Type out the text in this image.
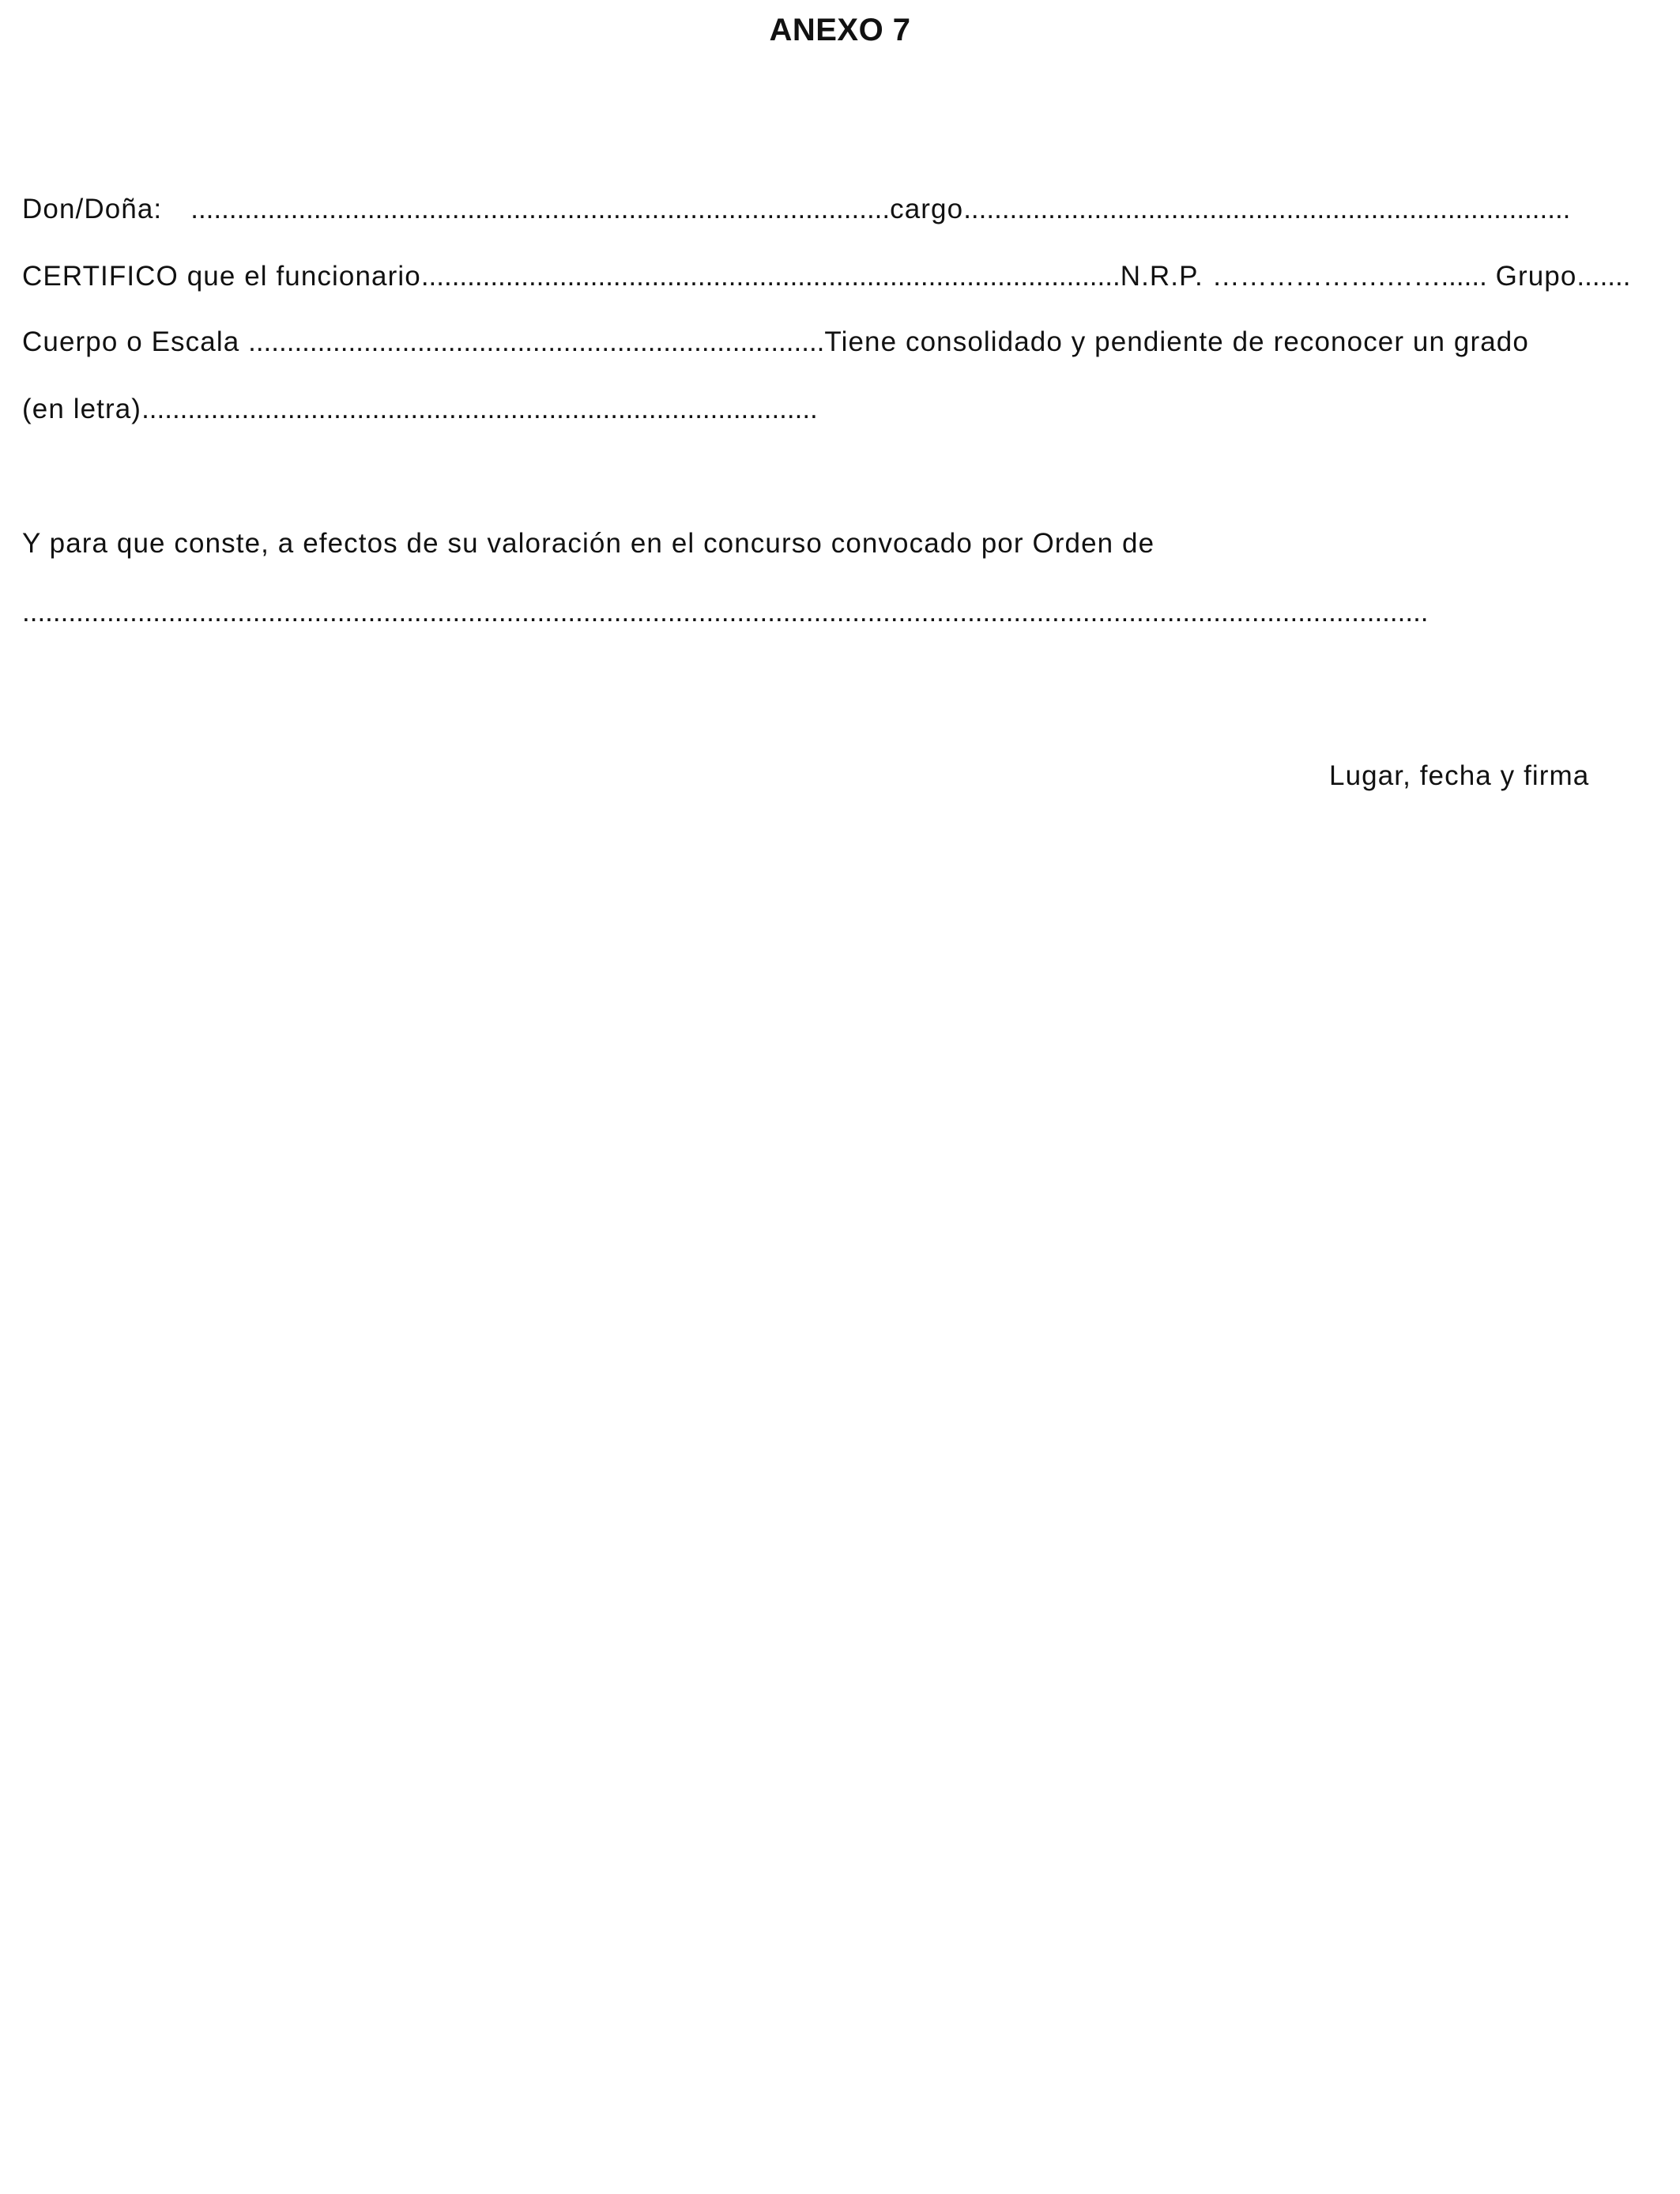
ANEXO 7
Don/Doña: ...........................................................................................cargo...............................................................................
CERTIFICO que el funcionario...........................................................................................N.R.P. ……………….……...... Grupo.......
Cuerpo o Escala ...........................................................................Tiene consolidado y pendiente de reconocer un grado
(en letra)........................................................................................
Y para que conste, a efectos de su valoración en el concurso convocado por Orden de
.......................................................................................................................................................................................
Lugar, fecha y firma
